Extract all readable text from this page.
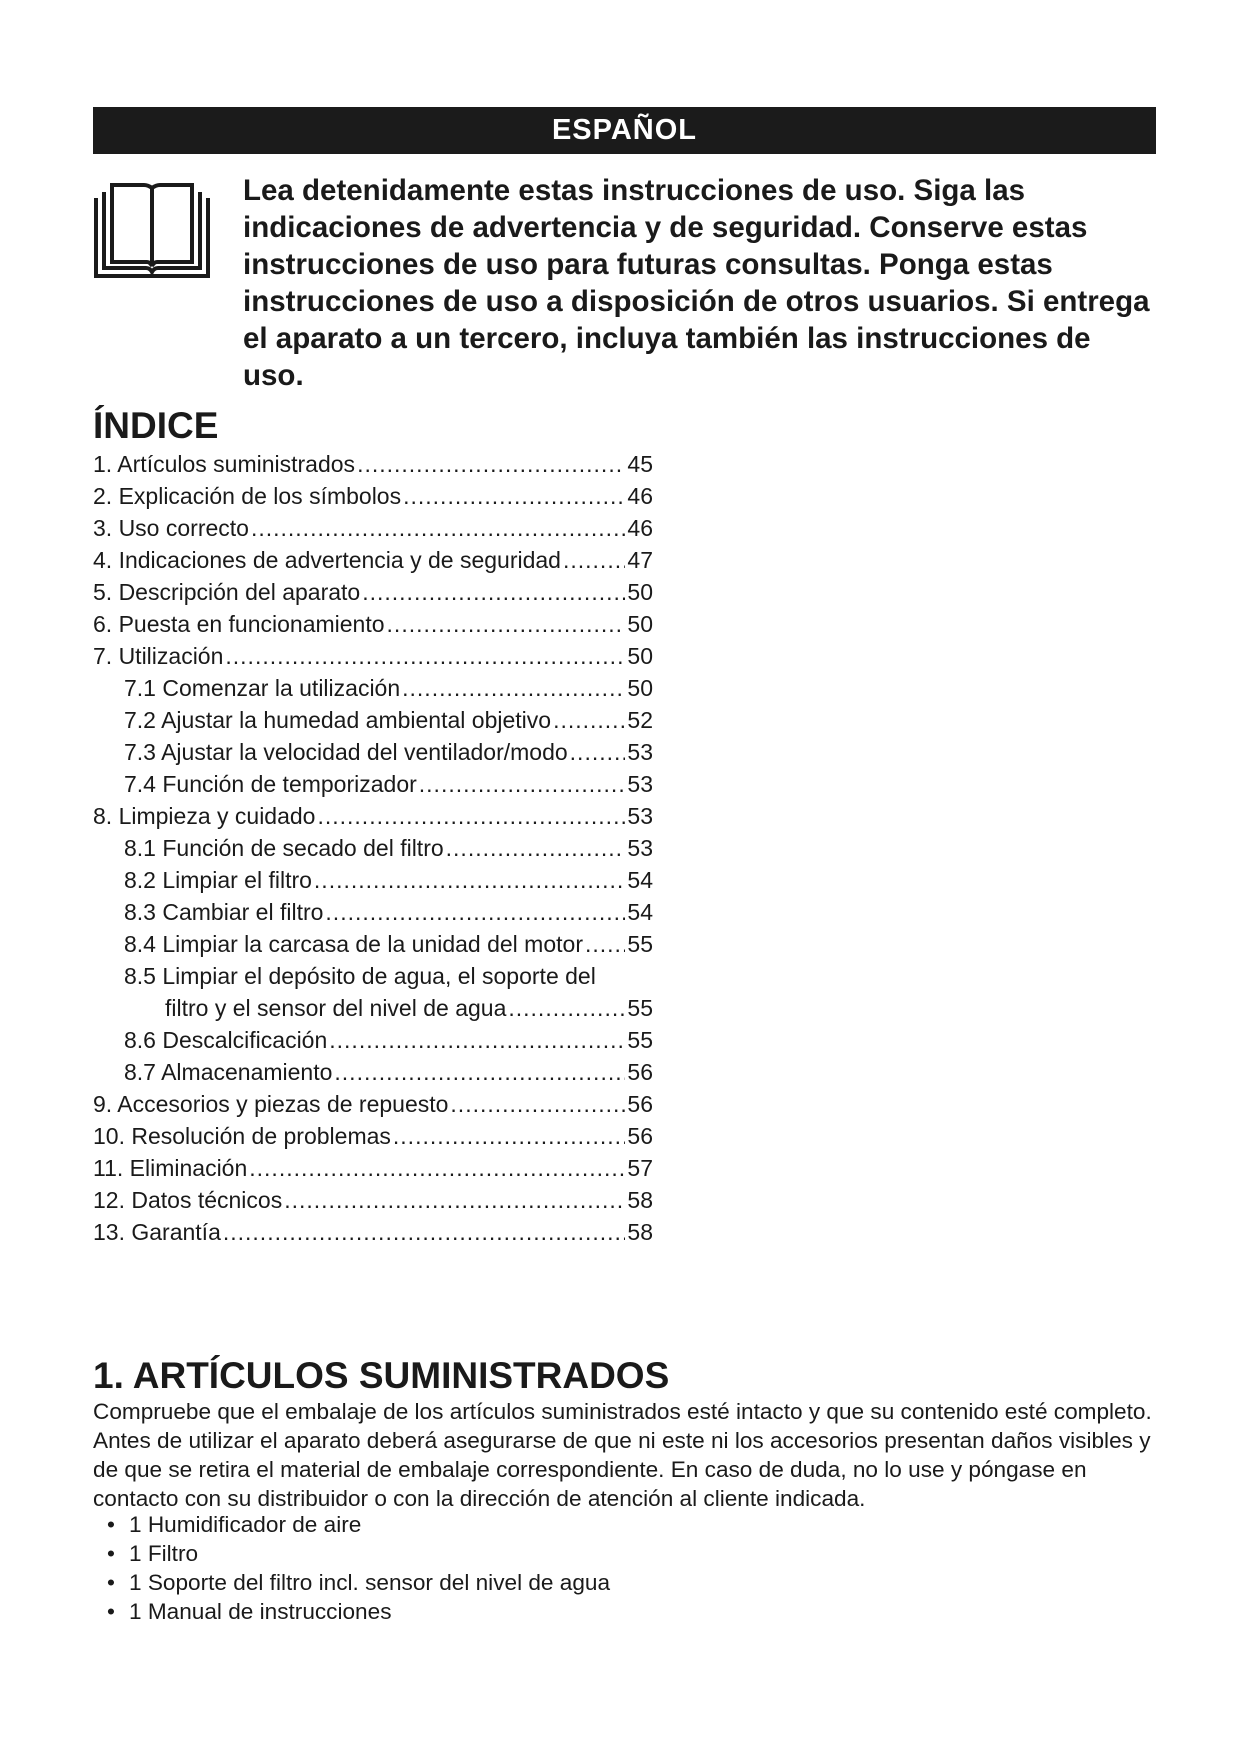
ESPAÑOL

Lea detenidamente estas instrucciones de uso. Siga las indicaciones de advertencia y de seguridad. Conserve estas instrucciones de uso para futuras consultas. Ponga estas instrucciones de uso a disposición de otros usuarios. Si entrega el aparato a un tercero, incluya también las instrucciones de uso.

ÍNDICE
1. Artículos suministrados .....	45
2. Explicación de los símbolos .....	46
3. Uso correcto .....	46
4. Indicaciones de advertencia y de seguridad .....	47
5. Descripción del aparato .....	50
6. Puesta en funcionamiento .....	50
7. Utilización .....	50
7.1 Comenzar la utilización .....	50
7.2 Ajustar la humedad ambiental objetivo .....	52
7.3 Ajustar la velocidad del ventilador/modo .....	53
7.4 Función de temporizador .....	53
8. Limpieza y cuidado .....	53
8.1 Función de secado del filtro .....	53
8.2 Limpiar el filtro .....	54
8.3 Cambiar el filtro .....	54
8.4 Limpiar la carcasa de la unidad del motor ..... 55
8.5 Limpiar el depósito de agua, el soporte del
filtro y el sensor del nivel de agua .....	55
8.6 Descalcificación .....	55
8.7 Almacenamiento .....	56
9. Accesorios y piezas de repuesto .....	56
10. Resolución de problemas .....	56
11. Eliminación .....	57
12. Datos técnicos .....	58
13. Garantía .....	58
1. ARTÍCULOS SUMINISTRADOS

Compruebe que el embalaje de los artículos suministrados esté intacto y que su contenido esté completo. Antes de utilizar el aparato deberá asegurarse de que ni este ni los accesorios presentan daños visibles y de que se retira el material de embalaje correspondiente. En caso de duda, no lo use y póngase en contacto con su distribuidor o con la dirección de atención al cliente indicada.

• 1 Humidificador de aire
• 1 Filtro
• 1 Soporte del filtro incl. sensor del nivel de agua
• 1 Manual de instrucciones
